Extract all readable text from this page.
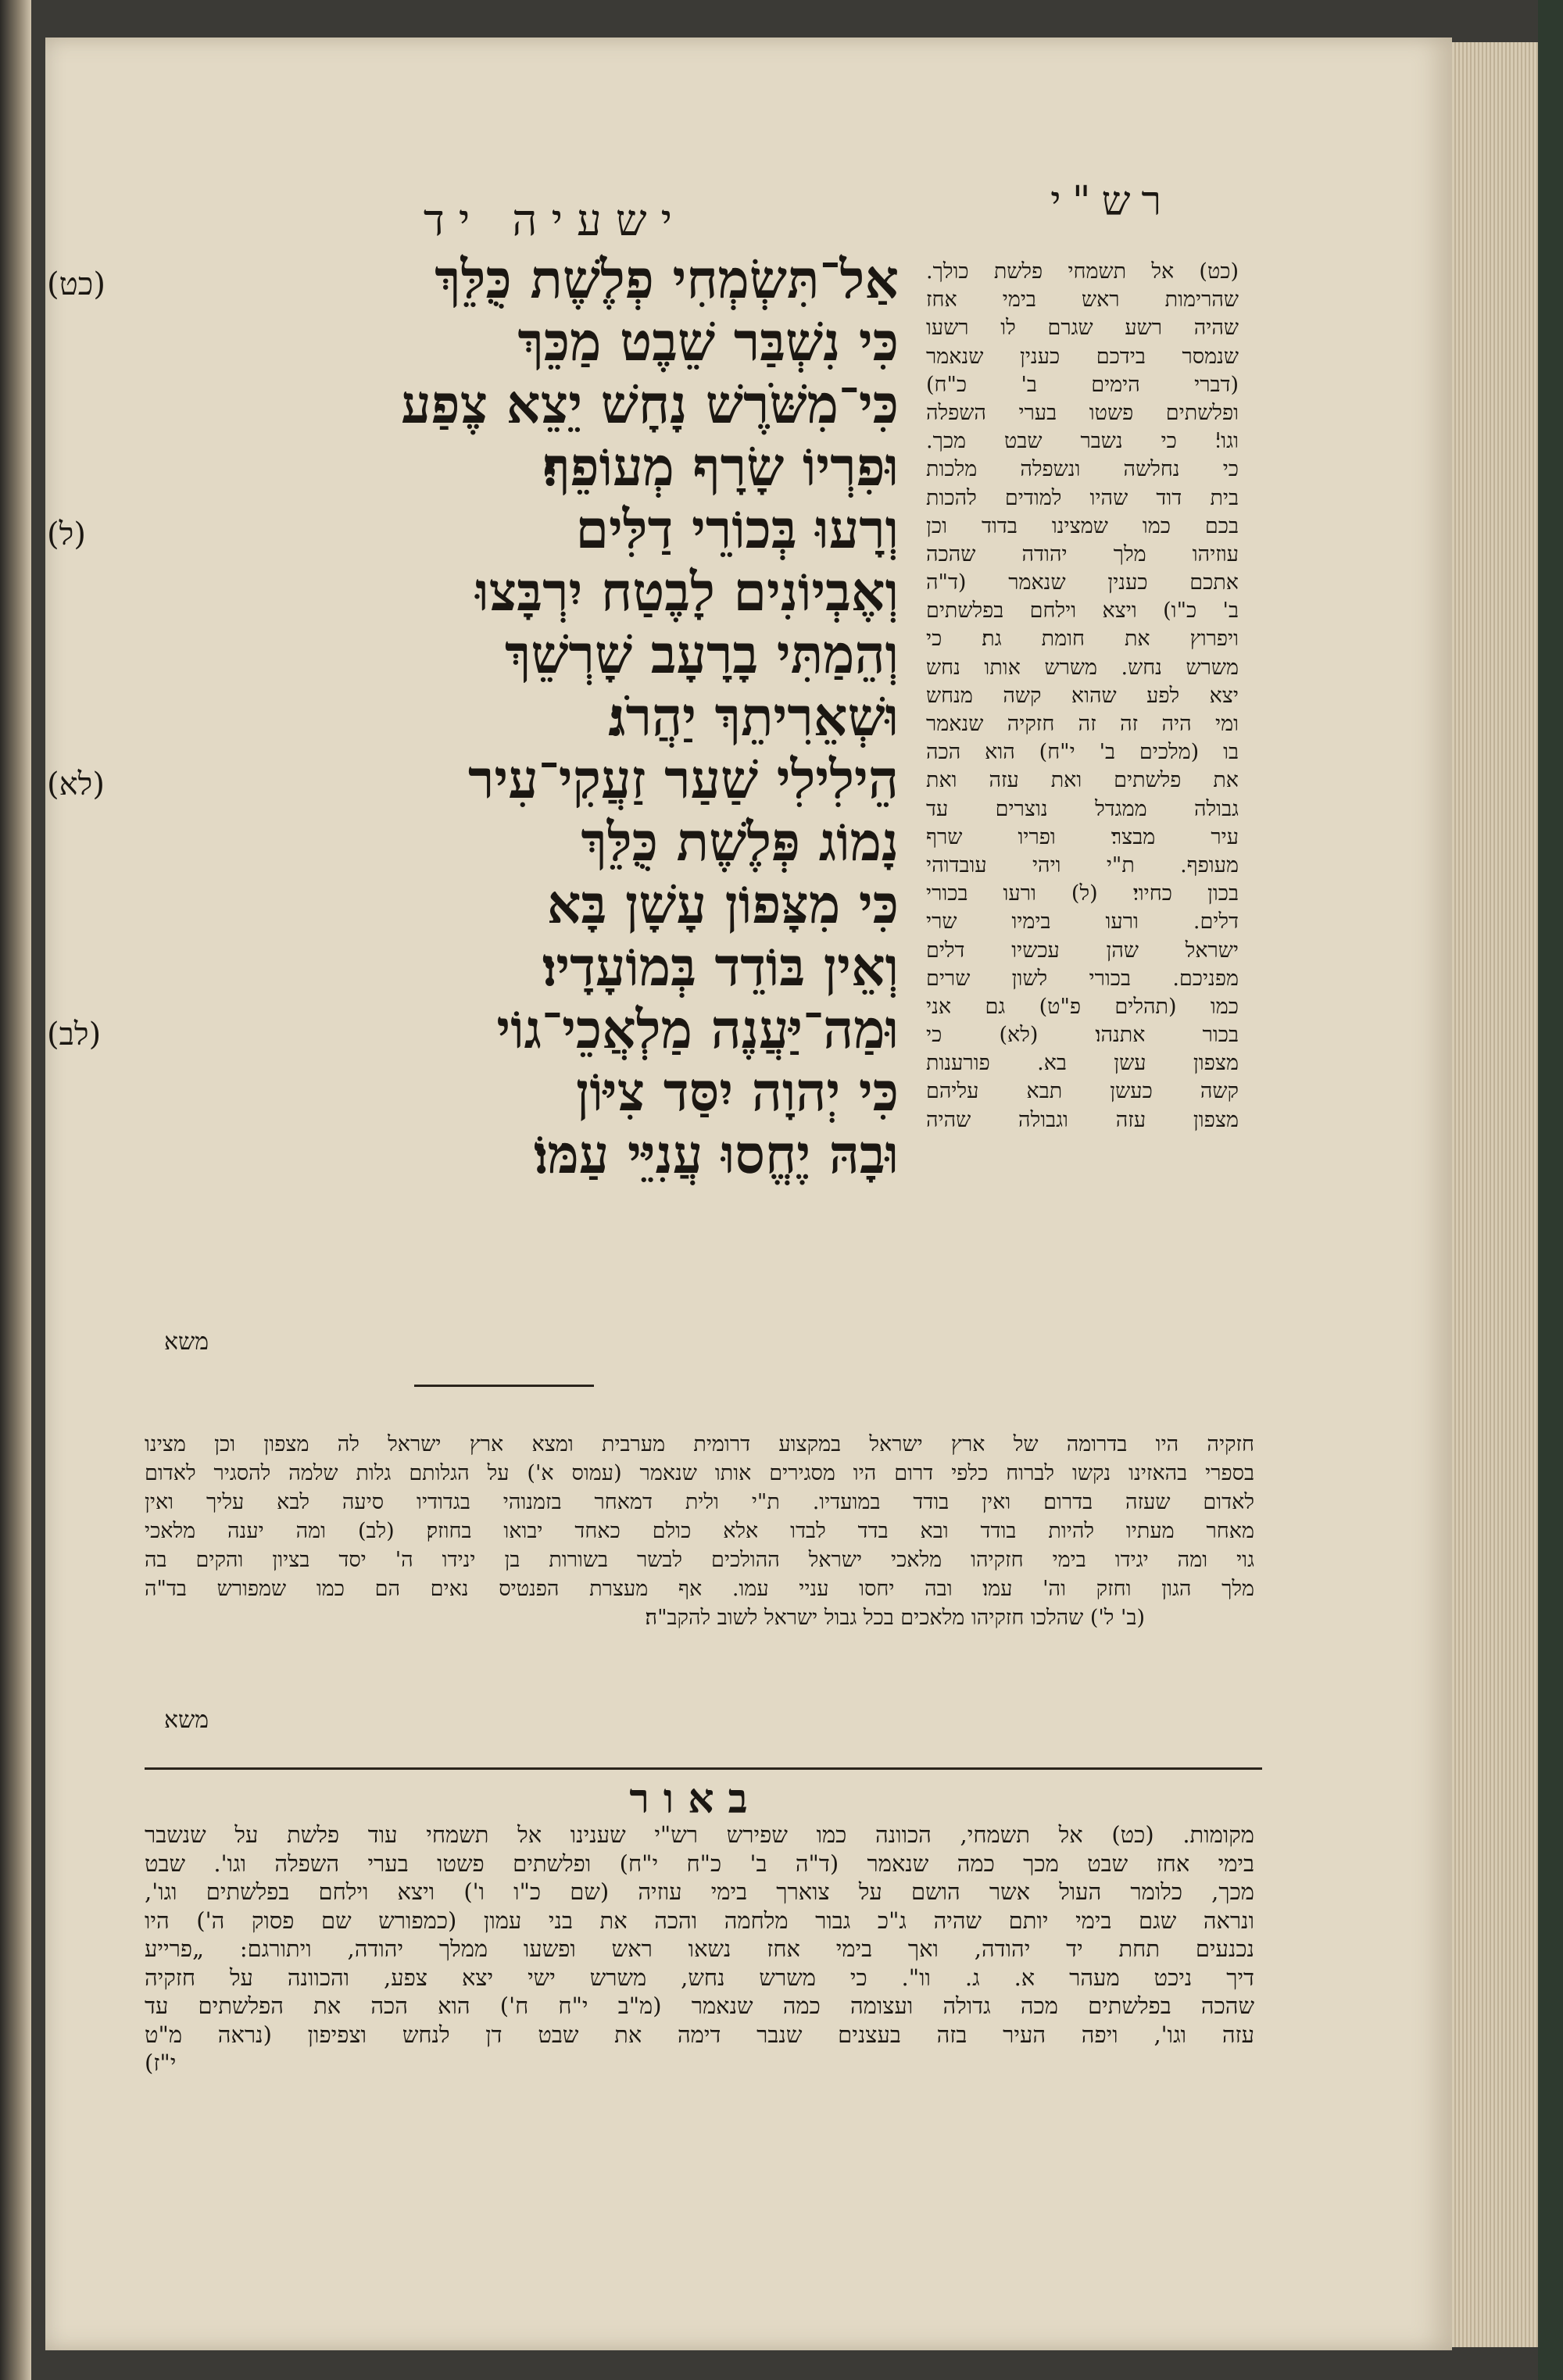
רש"י
ישעיה יד
(כט)	אַל־תִּשְׂמְחִי פְלֶשֶׁת כֻּלֵּךְ
כִּי נִשְׁבַּר שֵׁבֶט מַכֵּךְ
כִּי־מִשֹּׁרֶשׁ נָחָשׁ יֵצֵא צֶפַע
וּפִרְיוֹ שָׂרָף מְעוֹפֵף׃
(ל)	וְרָעוּ בְּכוֹרֵי דַלִּים
וְאֶבְיוֹנִים לָבֶטַח יִרְבָּצוּ
וְהֵמַתִּי בָרָעָב שָׁרְשֵׁךְ
וּשְׁאֵרִיתֵךְ יַהֲרֹג׃
(לא)	הֵילִילִי שַׁעַר זַעֲקִי־עִיר
נָמוֹג פְּלֶשֶׁת כֻּלֵּךְ
כִּי מִצָּפוֹן עָשָׁן בָּא
וְאֵין בּוֹדֵד בְּמוֹעָדָיו׃
(לב)	וּמַה־יַּעֲנֶה מַלְאֲכֵי־גוֹי
כִּי יְהוָה יִסַּד צִיּוֹן
וּבָהּ יֶחֱסוּ עֲנִיֵּי עַמּוֹ׃
(כט) אל תשמחי פלשת כולך.
שהרימות ראש בימי אחז
שהיה רשע שגרם לו רשעו
שנמסר בידכם כענין שנאמר
(דברי הימים ב' כ"ח)
ופלשתים פשטו בערי השפלה
וגו'׃ כי נשבר שבט מכך.
כי נחלשה ונשפלה מלכות
בית דוד שהיו למודים להכות
בכם כמו שמצינו בדוד וכן
עוזיהו מלך יהודה שהכה
אתכם כענין שנאמר (ד"ה
ב' כ"ו) ויצא וילחם בפלשתים
ויפרוץ את חומת גת׃ כי
משרש נחש. משרש אותו נחש
יצא לפע שהוא קשה מנחש
ומי היה זה זה חזקיה שנאמר
בו (מלכים ב' י"ח) הוא הכה
את פלשתים ואת עזה ואת
גבולה ממגדל נוצרים עד
עיר מבצר׃ ופריו שרף
מעופף. ת"י ויהי עובדוהי
בכון כחיוי׃ (ל) ורעו בכורי
דלים. ורעו בימיו שרי
ישראל שהן עכשיו דלים
מפניכם. בכורי לשון שרים
כמו (תהלים פ"ט) גם אני
בכור אתנהו׃ (לא) כי
מצפון עשן בא. פורענות
קשה כעשן תבא עליהם
מצפון עזה וגבולה שהיה
משא
חזקיה היו בדרומה של ארץ ישראל במקצוע דרומית מערבית ומצא ארץ ישראל לה מצפון וכן מצינו
בספרי בהאזינו נקשו לברוח כלפי דרום היו מסגירים אותו שנאמר (עמוס א') על הגלותם גלות שלמה להסגיר לאדום
לאדום שעזה בדרום׃ ואין בודד במועדיו. ת"י ולית דמאחר בזמנוהי בגדודיו סיעה לבא עליך ואין
מאחר מעתיו להיות בודד ובא בדד לבדו אלא כולם כאחד יבואו בחוזק׃ (לב) ומה יענה מלאכי
גוי ומה יגידו בימי חזקיהו מלאכי ישראל ההולכים לבשר בשורות בן ינידו ה' יסד בציון והקים בה
מלך הגון וחזק וה' עמו׃ ובה יחסו עניי עמו. אף מעצרת הפנטיס נאים הם כמו שמפורש בד"ה
(ב' ל') שהלכו חזקיהו מלאכים בכל גבול ישראל לשוב להקב"ה׃
משא
באור
מקומות. (כט) אל תשמחי, הכוונה כמו שפירש רש"י שענינו אל תשמחי עוד פלשת על שנשבר
בימי אחז שבט מכך כמה שנאמר (ד"ה ב' כ"ח י"ח) ופלשתים פשטו בערי השפלה וגו'. שבט
מכך, כלומר העול אשר הושם על צוארך בימי עוזיה (שם כ"ו ו') ויצא וילחם בפלשתים וגו',
ונראה שגם בימי יותם שהיה ג"כ גבור מלחמה והכה את בני עמון (כמפורש שם פסוק ה') היו
נכנעים תחת יד יהודה, ואך בימי אחז נשאו ראש ופשעו ממלך יהודה, ויתורגם: „פרייע
דיך ניכט מעהר א. ג. וו". כי משרש נחש, משרש ישי יצא צפע, והכוונה על חזקיה
שהכה בפלשתים מכה גדולה ועצומה כמה שנאמר (מ"ב י"ח ח') הוא הכה את הפלשתים עד
עזה וגו', ויפה העיר בזה בעצנים שנבר דימה את שבט דן לנחש וצפיפון (נראה מ"ט
י"ז)
